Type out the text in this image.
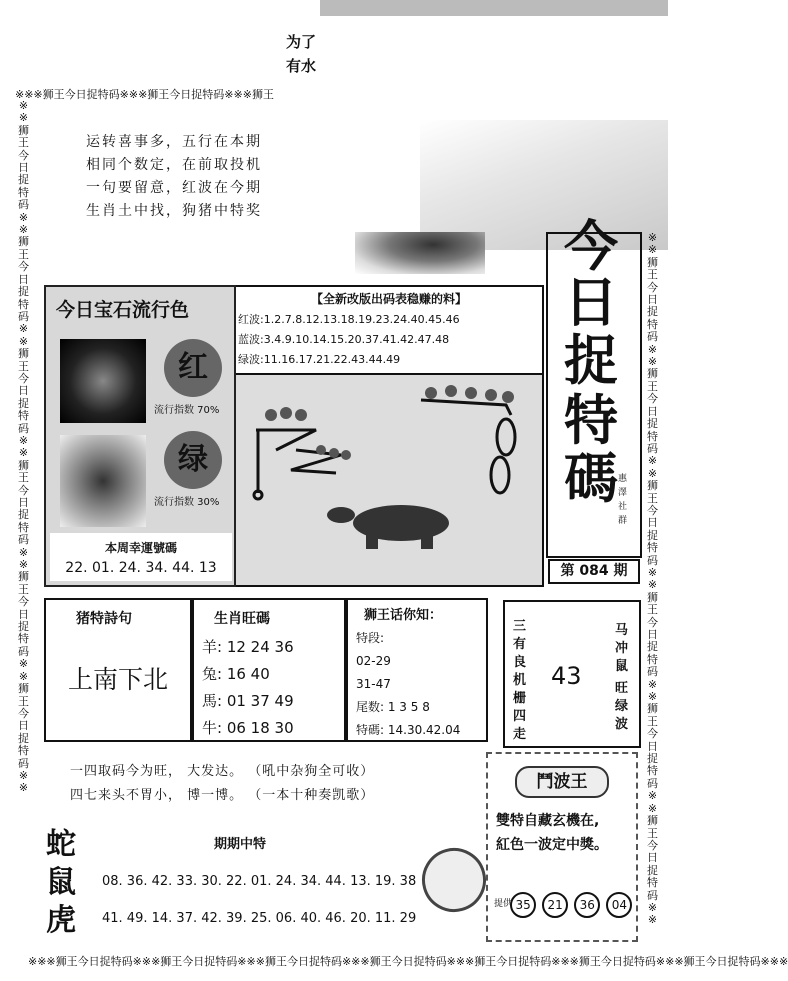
为了
有水
※※※狮王今日捉特码※※※狮王今日捉特码※※※狮王
※※狮王今日捉特码※※狮王今日捉特码※※狮王今日捉特码※※狮王今日捉特码※※狮王今日捉特码※※狮王今日捉特码※※
※※狮王今日捉特码※※狮王今日捉特码※※狮王今日捉特码※※狮王今日捉特码※※狮王今日捉特码※※狮王今日捉特码※※
运转喜事多，五行在本期
相同个数定，在前取投机
一句要留意，红波在今期
生肖土中找，狗猪中特奖
今
日
捉
特
碼 惠
澤
社
群
第 084 期
今日宝石流行色
红
流行指数 70%
绿
流行指数 30%
本周幸運號碼
22. 01. 24. 34. 44. 13
【全新改版出码表稳赚的料】
红波:1.2.7.8.12.13.18.19.23.24.40.45.46
蓝波:3.4.9.10.14.15.20.37.41.42.47.48
绿波:11.16.17.21.22.43.44.49
猪特詩句
上南下北
生肖旺碼
羊: 12 24 36
兔: 16 40
馬: 01 37 49
牛: 06 18 30
狮王话你知：
特段:
02-29
31-47
尾数: 1 3 5 8
特碼: 14.30.42.04
三
有
良
机
栅
四
走
43
马
冲
鼠
旺
绿
波
一四取码今为旺， 大发达。 （吼中杂狗全可收）
四七来头不胃小， 博一博。 （一本十种奏凯歌）
鬥波王
雙特自藏玄機在,
紅色一波定中獎。
提供 35 21 36 04
蛇
鼠
虎
期期中特
08. 36. 42. 33. 30. 22. 01. 24. 34. 44. 13. 19. 38
41. 49. 14. 37. 42. 39. 25. 06. 40. 46. 20. 11. 29
※※※狮王今日捉特码※※※狮王今日捉特码※※※狮王今日捉特码※※※狮王今日捉特码※※※狮王今日捉特码※※※狮王今日捉特码※※※狮王今日捉特码※※※
